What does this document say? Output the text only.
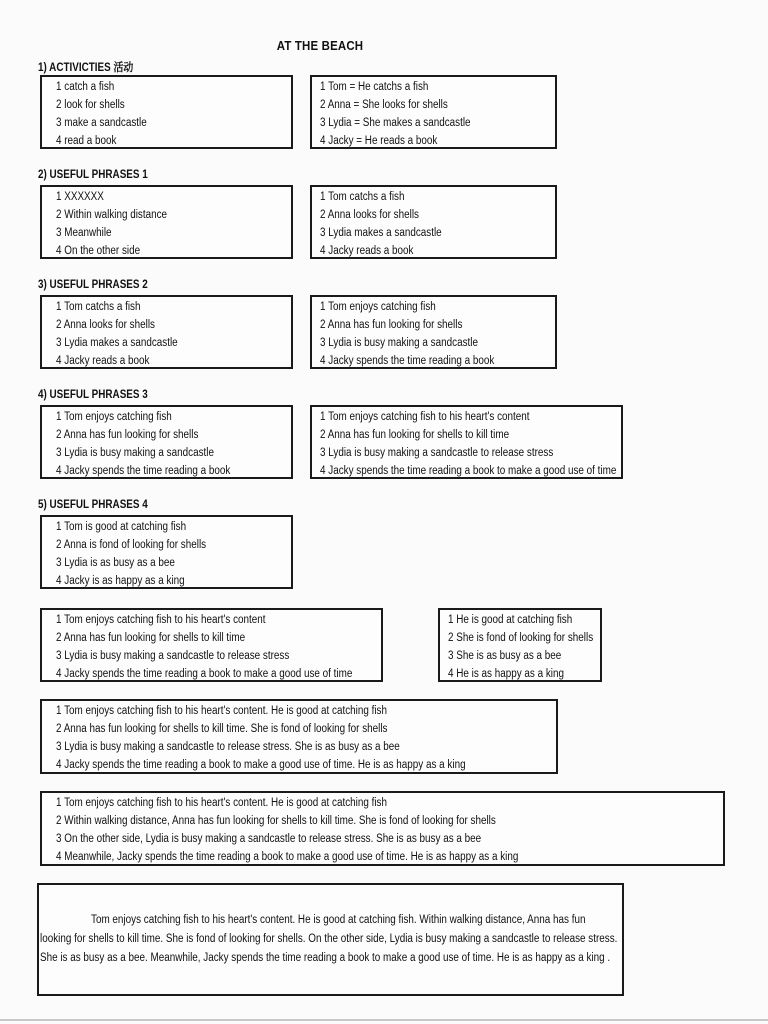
AT THE BEACH
1) ACTIVICTIES 活动
1 catch a fish
2 look for shells
3 make a sandcastle
4 read a book
1 Tom = He catchs a fish
2 Anna = She looks for shells
3 Lydia = She makes a sandcastle
4 Jacky = He reads a book
2) USEFUL PHRASES 1
1 XXXXXX
2 Within walking distance
3 Meanwhile
4 On the other side
1 Tom catchs a fish
2 Anna looks for shells
3 Lydia makes a sandcastle
4 Jacky reads a book
3) USEFUL PHRASES 2
1 Tom catchs a fish
2 Anna looks for shells
3 Lydia makes a sandcastle
4 Jacky reads a book
1 Tom enjoys catching fish
2 Anna has fun looking for shells
3 Lydia is busy making a sandcastle
4 Jacky spends the time reading a book
4) USEFUL PHRASES 3
1 Tom enjoys catching fish
2 Anna has fun looking for shells
3 Lydia is busy making a sandcastle
4 Jacky spends the time reading a book
1 Tom enjoys catching fish to his heart's content
2 Anna has fun looking for shells to kill time
3 Lydia is busy making a sandcastle to release stress
4 Jacky spends the time reading a book to make a good use of time
5) USEFUL PHRASES 4
1 Tom is good at catching fish
2 Anna is fond of looking for shells
3 Lydia is as busy as a bee
4 Jacky is as happy as a king
1 Tom enjoys catching fish to his heart's content
2 Anna has fun looking for shells to kill time
3 Lydia is busy making a sandcastle to release stress
4 Jacky spends the time reading a book to make a good use of time
1 He is good at catching fish
2 She is fond of looking for shells
3 She is as busy as a bee
4 He is as happy as a king
1 Tom enjoys catching fish to his heart's content. He is good at catching fish
2 Anna has fun looking for shells to kill time. She is fond of looking for shells
3 Lydia is busy making a sandcastle to release stress. She is as busy as a bee
4 Jacky spends the time reading a book to make a good use of time. He is as happy as a king
1 Tom enjoys catching fish to his heart's content. He is good at catching fish
2 Within walking distance, Anna has fun looking for shells to kill time. She is fond of looking for shells
3 On the other side, Lydia is busy making a sandcastle to release stress. She is as busy as a bee
4 Meanwhile, Jacky spends the time reading a book to make a good use of time. He is as happy as a king
Tom enjoys catching fish to his heart's content. He is good at catching fish. Within walking distance, Anna has fun
looking for shells to kill time. She is fond of looking for shells. On the other side, Lydia is busy making a sandcastle to release stress.
She is as busy as a bee. Meanwhile, Jacky spends the time reading a book to make a good use of time. He is as happy as a king .
